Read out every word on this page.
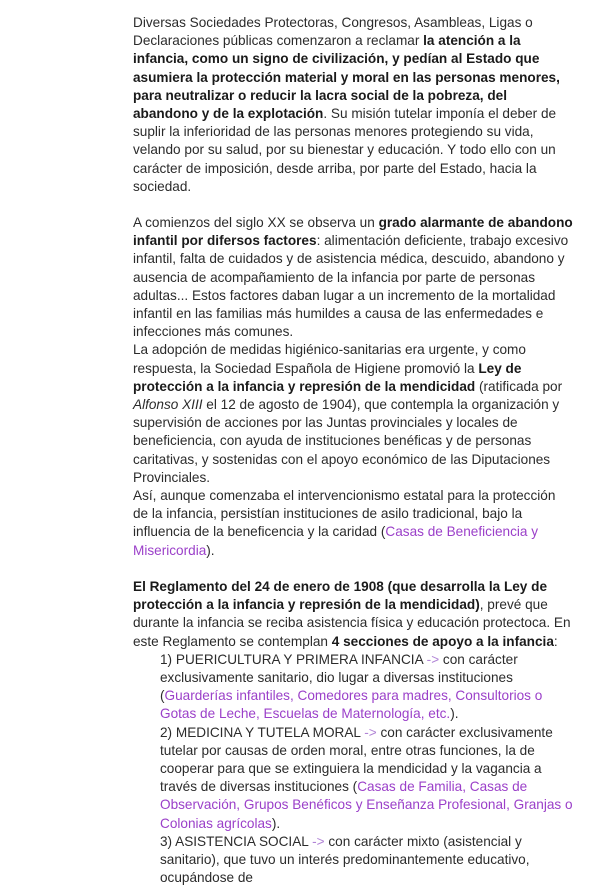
Diversas Sociedades Protectoras, Congresos, Asambleas, Ligas o Declaraciones públicas comenzaron a reclamar la atención a la infancia, como un signo de civilización, y pedían al Estado que asumiera la protección material y moral en las personas menores, para neutralizar o reducir la lacra social de la pobreza, del abandono y de la explotación. Su misión tutelar imponía el deber de suplir la inferioridad de las personas menores protegiendo su vida, velando por su salud, por su bienestar y educación. Y todo ello con un carácter de imposición, desde arriba, por parte del Estado, hacia la sociedad.

A comienzos del siglo XX se observa un grado alarmante de abandono infantil por difersos factores: alimentación deficiente, trabajo excesivo infantil, falta de cuidados y de asistencia médica, descuido, abandono y ausencia de acompañamiento de la infancia por parte de personas adultas... Estos factores daban lugar a un incremento de la mortalidad infantil en las familias más humildes a causa de las enfermedades e infecciones más comunes.

La adopción de medidas higiénico-sanitarias era urgente, y como respuesta, la Sociedad Española de Higiene promovió la Ley de protección a la infancia y represión de la mendicidad (ratificada por Alfonso XIII el 12 de agosto de 1904), que contempla la organización y supervisión de acciones por las Juntas provinciales y locales de beneficiencia, con ayuda de instituciones benéficas y de personas caritativas, y sostenidas con el apoyo económico de las Diputaciones Provinciales.

Así, aunque comenzaba el intervencionismo estatal para la protección de la infancia, persistían instituciones de asilo tradicional, bajo la influencia de la beneficencia y la caridad (Casas de Beneficiencia y Misericordia).

El Reglamento del 24 de enero de 1908 (que desarrolla la Ley de protección a la infancia y represión de la mendicidad), prevé que durante la infancia se reciba asistencia física y educación protectoca. En este Reglamento se contemplan 4 secciones de apoyo a la infancia:

1) PUERICULTURA Y PRIMERA INFANCIA -> con carácter exclusivamente sanitario, dio lugar a diversas instituciones (Guarderías infantiles, Comedores para madres, Consultorios o Gotas de Leche, Escuelas de Maternología, etc.).

2) MEDICINA Y TUTELA MORAL -> con carácter exclusivamente tutelar por causas de orden moral, entre otras funciones, la de cooperar para que se extinguiera la mendicidad y la vagancia a través de diversas instituciones (Casas de Familia, Casas de Observación, Grupos Benéficos y Enseñanza Profesional, Granjas o Colonias agrícolas).

3) ASISTENCIA SOCIAL -> con carácter mixto (asistencial y sanitario), que tuvo un interés predominantemente educativo, ocupándose de
